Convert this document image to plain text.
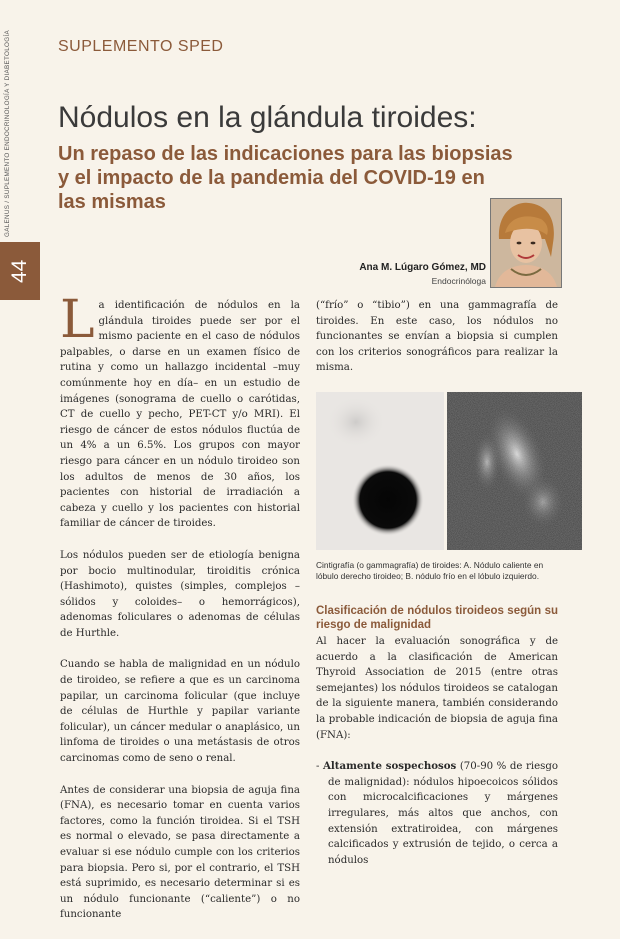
GALENUS / SUPLEMENTO ENDOCRINOLOGÍA Y DIABETOLOGÍA
44
SUPLEMENTO SPED
Nódulos en la glándula tiroides:
Un repaso de las indicaciones para las biopsias y el impacto de la pandemia del COVID-19 en las mismas
Ana M. Lúgaro Gómez, MD
Endocrinóloga

La identificación de nódulos en la glándula tiroides puede ser por el mismo paciente en el caso de nódulos palpables, o darse en un examen físico de rutina y como un hallazgo incidental –muy comúnmente hoy en día– en un estudio de imágenes (sonograma de cuello o carótidas, CT de cuello y pecho, PET-CT y/o MRI). El riesgo de cáncer de estos nódulos fluctúa de un 4% a un 6.5%. Los grupos con mayor riesgo para cáncer en un nódulo tiroideo son los adultos de menos de 30 años, los pacientes con historial de irradiación a cabeza y cuello y los pacientes con historial familiar de cáncer de tiroides.

Los nódulos pueden ser de etiología benigna por bocio multinodular, tiroiditis crónica (Hashimoto), quistes (simples, complejos –sólidos y coloides– o hemorrágicos), adenomas foliculares o adenomas de células de Hurthle.

Cuando se habla de malignidad en un nódulo de tiroideo, se refiere a que es un carcinoma papilar, un carcinoma folicular (que incluye de células de Hurthle y papilar variante folicular), un cáncer medular o anaplásico, un linfoma de tiroides o una metástasis de otros carcinomas como de seno o renal.

Antes de considerar una biopsia de aguja fina (FNA), es necesario tomar en cuenta varios factores, como la función tiroidea. Si el TSH es normal o elevado, se pasa directamente a evaluar si ese nódulo cumple con los criterios para biopsia. Pero si, por el contrario, el TSH está suprimido, es necesario determinar si es un nódulo funcionante (“caliente”) o no funcionante

(“frío” o “tibio”) en una gammagrafía de tiroides. En este caso, los nódulos no funcionantes se envían a biopsia si cumplen con los criterios sonográficos para realizar la misma.

Cintigrafía (o gammagrafía) de tiroides: A. Nódulo caliente en lóbulo derecho tiroideo; B. nódulo frío en el lóbulo izquierdo.

Clasificación de nódulos tiroideos según su riesgo de malignidad

Al hacer la evaluación sonográfica y de acuerdo a la clasificación de American Thyroid Association de 2015 (entre otras semejantes) los nódulos tiroideos se catalogan de la siguiente manera, también considerando la probable indicación de biopsia de aguja fina (FNA):

- Altamente sospechosos (70-90 % de riesgo de malignidad): nódulos hipoecoicos sólidos con microcalcificaciones y márgenes irregulares, más altos que anchos, con extensión extratiroidea, con márgenes calcificados y extrusión de tejido, o cerca a nódulos
